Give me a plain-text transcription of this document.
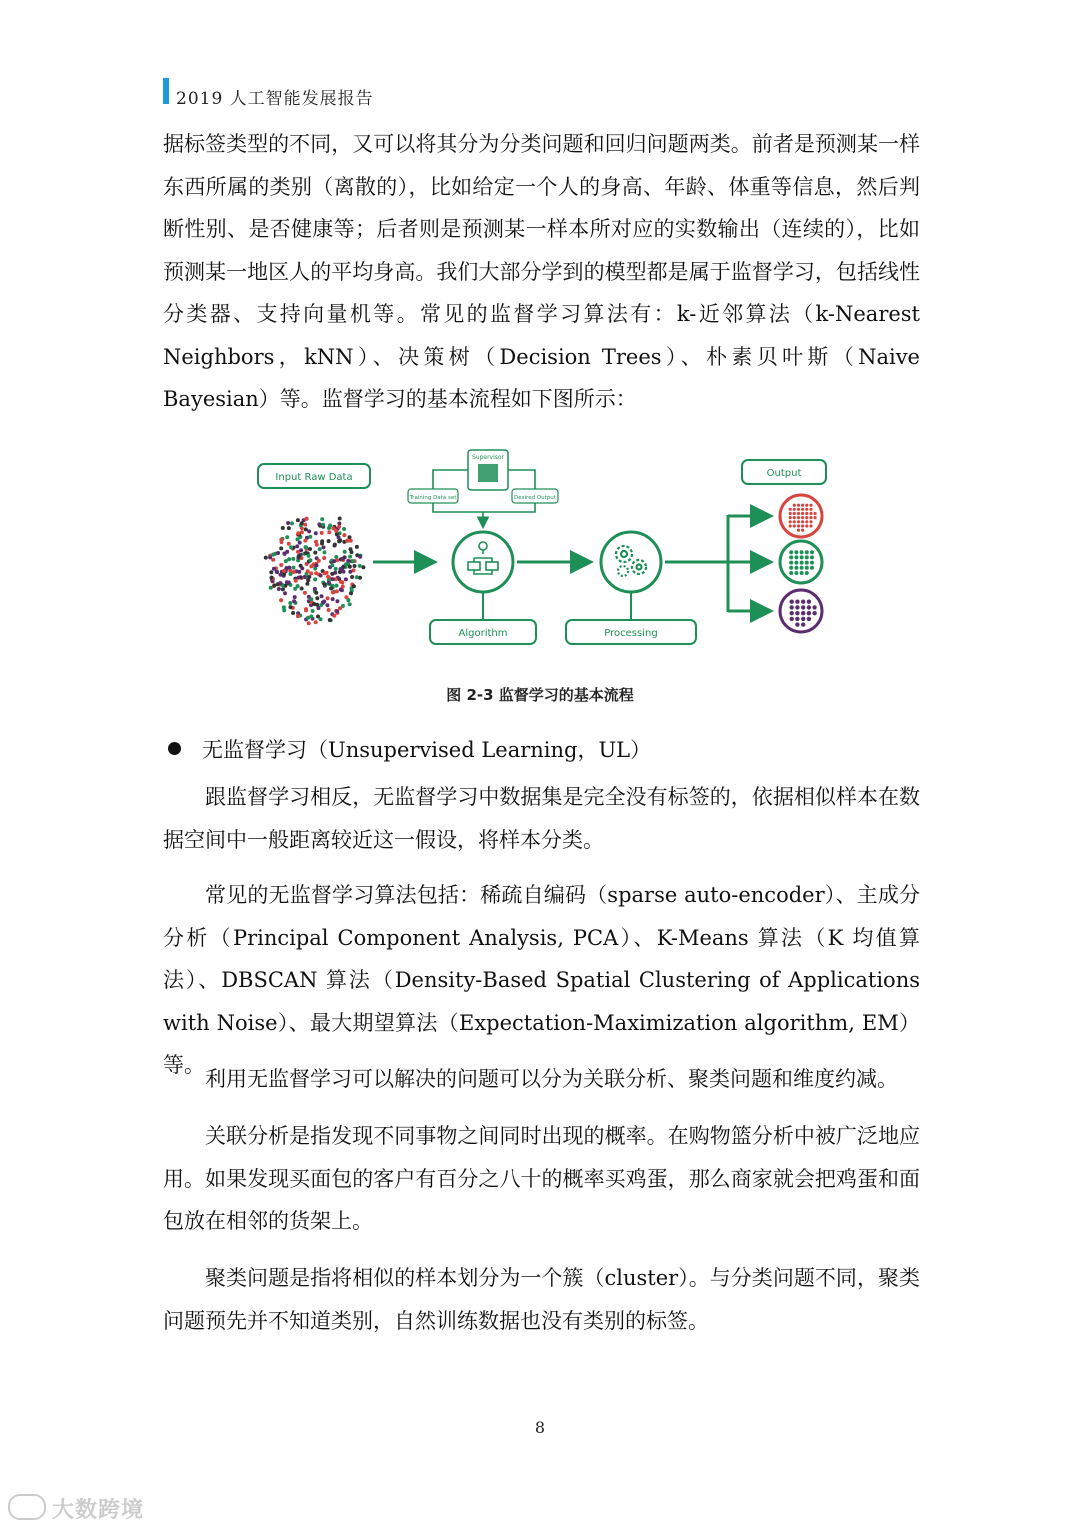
2019 人工智能发展报告

据标签类型的不同，又可以将其分为分类问题和回归问题两类。前者是预测某一样东西所属的类别（离散的），比如给定一个人的身高、年龄、体重等信息，然后判断性别、是否健康等；后者则是预测某一样本所对应的实数输出（连续的），比如预测某一地区人的平均身高。我们大部分学到的模型都是属于监督学习，包括线性分类器、支持向量机等。常见的监督学习算法有：k-近邻算法（k-Nearest Neighbors，kNN）、决策树（Decision Trees）、朴素贝叶斯（Naive Bayesian）等。监督学习的基本流程如下图所示：

Input Raw Data
Supervisor
Training Data set	Desired Output
Algorithm	Processing
Output
图 2-3 监督学习的基本流程
无监督学习（Unsupervised Learning，UL）

跟监督学习相反，无监督学习中数据集是完全没有标签的，依据相似样本在数据空间中一般距离较近这一假设，将样本分类。

常见的无监督学习算法包括：稀疏自编码（sparse auto-encoder）、主成分分析（Principal Component Analysis, PCA）、K-Means 算法（K 均值算法）、DBSCAN 算法（Density-Based Spatial Clustering of Applications with Noise）、最大期望算法（Expectation-Maximization algorithm, EM）等。

利用无监督学习可以解决的问题可以分为关联分析、聚类问题和维度约减。

关联分析是指发现不同事物之间同时出现的概率。在购物篮分析中被广泛地应用。如果发现买面包的客户有百分之八十的概率买鸡蛋，那么商家就会把鸡蛋和面包放在相邻的货架上。

聚类问题是指将相似的样本划分为一个簇（cluster）。与分类问题不同，聚类问题预先并不知道类别，自然训练数据也没有类别的标签。

8
大数跨境
